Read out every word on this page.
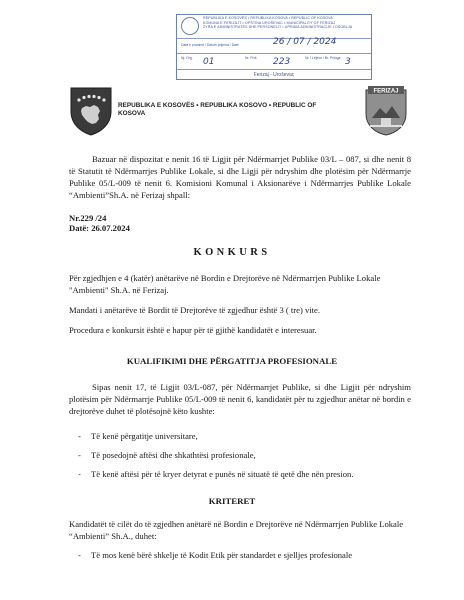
REPUBLIKA E KOSOVËS • REPUBLIKA KOSOVA • REPUBLIC OF KOSOVA
KOMUNA E FERIZAJT • OPŠTINA UROŠEVAC • MUNICIPALITY OF FERIZAJ
ZYRA E ADMINISTRATËS DHE PERSONELIT • UPRAVA ADMINISTRACIJE I OSOBLJA
Data e pranimit / Datum prijema / Date	26 / 07 / 2024
Nj. Org. 01	Nr. Prot. 223	Nr. i Lejeve / Br. Priloga 3
Ferizaj - Uroševac
FERIZAJ
REPUBLIKA E KOSOVËS • REPUBLIKA KOSOVO • REPUBLIC OF
KOSOVA

Bazuar në dispozitat e nenit 16 të Ligjit për Ndërmarrjet Publike 03/L – 087, si dhe nenit 8 të Statutit të Ndërmarrjes Publike Lokale, si dhe Ligji për ndryshim dhe plotësim për Ndërmarrje Publike 05/L-009 të nenit 6. Komisioni Komunal i Aksionarëve i Ndërmarrjes Publike Lokale “Ambienti”Sh.A. në Ferizaj shpall:

Nr.229 /24
Datë: 26.07.2024
KONKURS

Për zgjedhjen e 4 (katër) anëtarëve në Bordin e Drejtorëve në Ndërmarrjen Publike Lokale "Ambienti" Sh.A. në Ferizaj.

Mandati i anëtarëve të Bordit të Drejtorëve të zgjedhur është 3 ( tre) vite.

Procedura e konkursit është e hapur për të gjithë kandidatët e interesuar.

KUALIFIKIMI DHE PËRGATITJA PROFESIONALE

Sipas nenit 17, të Ligjit 03/L-087, për Ndërmarrjet Publike, si dhe Ligjit për ndryshim plotësim për Ndërmarrje Publike 05/L-009 të nenit 6, kandidatët për tu zgjedhur anëtar në bordin e drejtorëve duhet të plotësojnë këto kushte:

- Të kenë përgatitje universitare,
- Të posedojnë aftësi dhe shkathtësi profesionale,
- Të kenë aftësi për të kryer detyrat e punës në situatë të qetë dhe nën presion.
KRITERET

Kandidatët të cilët do të zgjedhen anëtarë në Bordin e Drejtorëve në Ndërmarrjen Publike Lokale “Ambienti” Sh.A., duhet:

- Të mos kenë bërë shkelje të Kodit Etik për standardet e sjelljes profesionale
